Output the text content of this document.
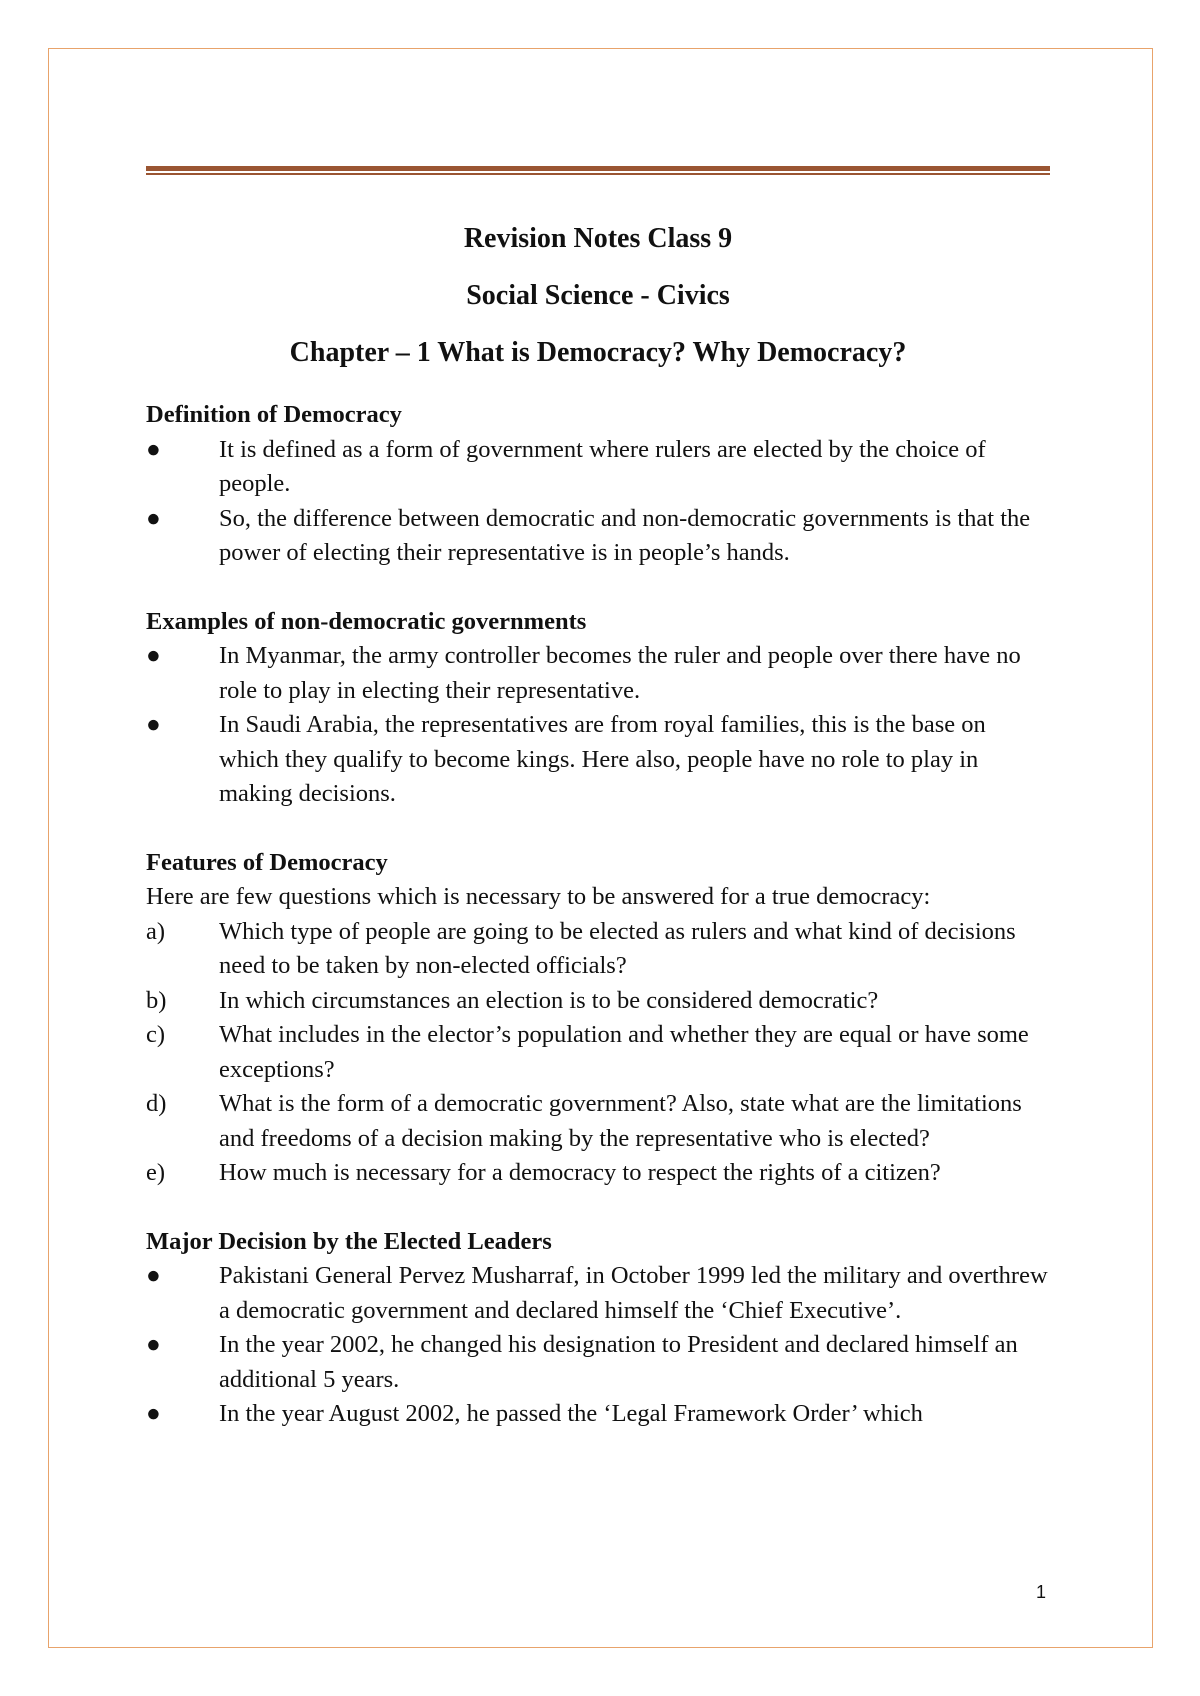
Revision Notes Class 9
Social Science - Civics
Chapter – 1 What is Democracy? Why Democracy?
Definition of Democracy
●	It is defined as a form of government where rulers are elected by the choice of people.
●	So, the difference between democratic and non-democratic governments is that the power of electing their representative is in people’s hands.
Examples of non-democratic governments
●	In Myanmar, the army controller becomes the ruler and people over there have no role to play in electing their representative.
●	In Saudi Arabia, the representatives are from royal families, this is the base on which they qualify to become kings. Here also, people have no role to play in making decisions.
Features of Democracy
Here are few questions which is necessary to be answered for a true democracy:
a)	Which type of people are going to be elected as rulers and what kind of decisions need to be taken by non-elected officials?
b)	In which circumstances an election is to be considered democratic?
c)	What includes in the elector’s population and whether they are equal or have some exceptions?
d)	What is the form of a democratic government? Also, state what are the limitations and freedoms of a decision making by the representative who is elected?
e)	How much is necessary for a democracy to respect the rights of a citizen?
Major Decision by the Elected Leaders
●	Pakistani General Pervez Musharraf, in October 1999 led the military and overthrew a democratic government and declared himself the ‘Chief Executive’.
●	In the year 2002, he changed his designation to President and declared himself an additional 5 years.
●	In the year August 2002, he passed the ‘Legal Framework Order’ which
1
